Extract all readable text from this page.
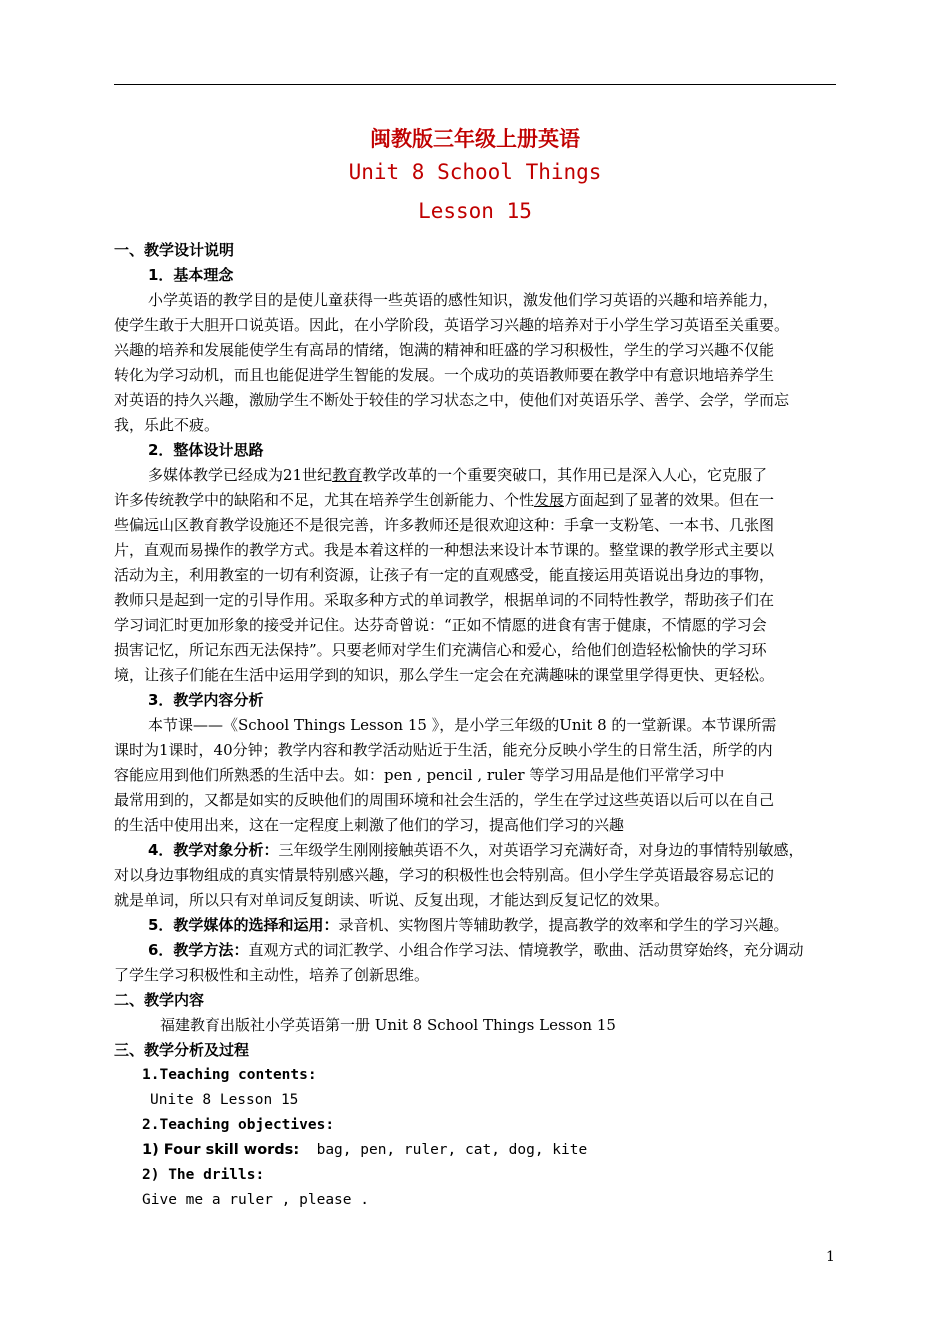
闽教版三年级上册英语
Unit 8 School Things
Lesson 15
一、教学设计说明
1．基本理念
小学英语的教学目的是使儿童获得一些英语的感性知识，激发他们学习英语的兴趣和培养能力，
使学生敢于大胆开口说英语。因此，在小学阶段，英语学习兴趣的培养对于小学生学习英语至关重要。
兴趣的培养和发展能使学生有高昂的情绪，饱满的精神和旺盛的学习积极性，学生的学习兴趣不仅能
转化为学习动机，而且也能促进学生智能的发展。一个成功的英语教师要在教学中有意识地培养学生
对英语的持久兴趣，激励学生不断处于较佳的学习状态之中，使他们对英语乐学、善学、会学，学而忘
我，乐此不疲。
2．整体设计思路
多媒体教学已经成为21世纪教育教学改革的一个重要突破口，其作用已是深入人心，它克服了
许多传统教学中的缺陷和不足，尤其在培养学生创新能力、个性发展方面起到了显著的效果。但在一
些偏远山区教育教学设施还不是很完善，许多教师还是很欢迎这种：手拿一支粉笔、一本书、几张图
片，直观而易操作的教学方式。我是本着这样的一种想法来设计本节课的。整堂课的教学形式主要以
活动为主，利用教室的一切有利资源，让孩子有一定的直观感受，能直接运用英语说出身边的事物，
教师只是起到一定的引导作用。采取多种方式的单词教学，根据单词的不同特性教学，帮助孩子们在
学习词汇时更加形象的接受并记住。达芬奇曾说：“正如不情愿的进食有害于健康，不情愿的学习会
损害记忆，所记东西无法保持”。只要老师对学生们充满信心和爱心，给他们创造轻松愉快的学习环
境，让孩子们能在生活中运用学到的知识，那么学生一定会在充满趣味的课堂里学得更快、更轻松。
3．教学内容分析
本节课——《School Things Lesson 15 》，是小学三年级的Unit 8 的一堂新课。本节课所需
课时为1课时，40分钟；教学内容和教学活动贴近于生活，能充分反映小学生的日常生活，所学的内
容能应用到他们所熟悉的生活中去。如：pen , pencil , ruler 等学习用品是他们平常学习中
最常用到的，又都是如实的反映他们的周围环境和社会生活的，学生在学过这些英语以后可以在自己
的生活中使用出来，这在一定程度上刺激了他们的学习，提高他们学习的兴趣
4．教学对象分析：三年级学生刚刚接触英语不久，对英语学习充满好奇，对身边的事情特别敏感，
对以身边事物组成的真实情景特别感兴趣，学习的积极性也会特别高。但小学生学英语最容易忘记的
就是单词，所以只有对单词反复朗读、听说、反复出现，才能达到反复记忆的效果。
5．教学媒体的选择和运用：录音机、实物图片等辅助教学，提高教学的效率和学生的学习兴趣。
6．教学方法：直观方式的词汇教学、小组合作学习法、情境教学，歌曲、活动贯穿始终，充分调动
了学生学习积极性和主动性，培养了创新思维。
二、教学内容
福建教育出版社小学英语第一册 Unit 8 School Things Lesson 15
三、教学分析及过程
1.Teaching contents:
Unite 8 Lesson 15
2.Teaching objectives:
1) Four skill words: bag, pen, ruler, cat, dog, kite
2) The drills:
Give me a ruler , please .
1
